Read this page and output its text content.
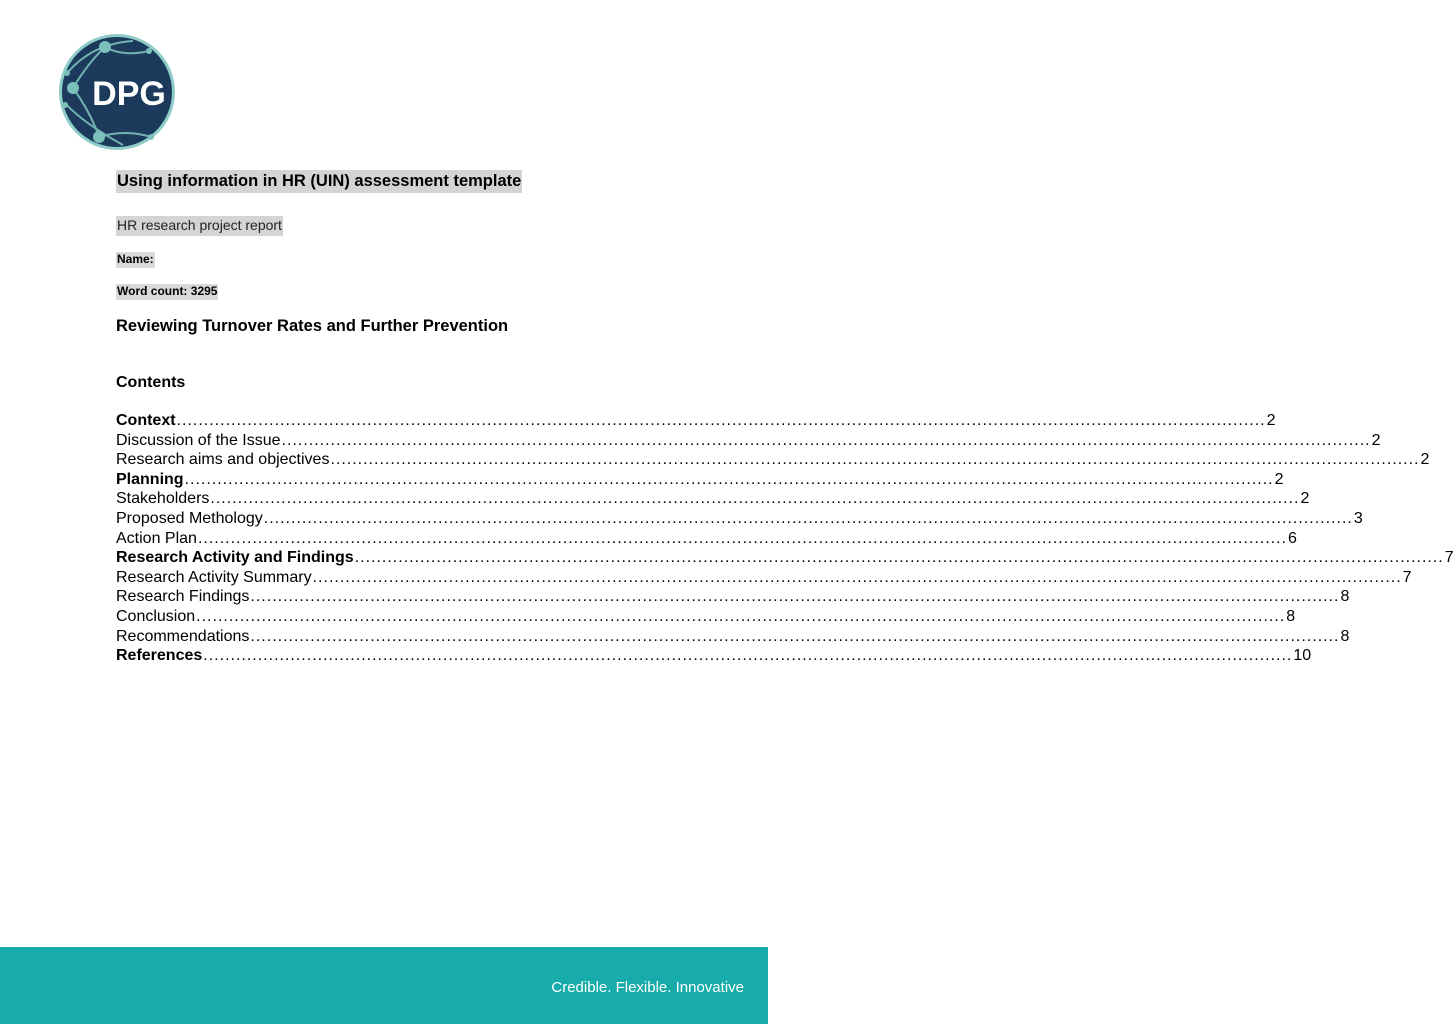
DPG
Using information in HR (UIN) assessment template
HR research project report
Name:
Word count: 3295
Reviewing Turnover Rates and Further Prevention
Contents
Context ........................................................................................................................................................................................................ 2
Discussion of the Issue ........................................................................................................................................................................................................ 2
Research aims and objectives ........................................................................................................................................................................................................ 2
Planning ........................................................................................................................................................................................................ 2
Stakeholders ........................................................................................................................................................................................................ 2
Proposed Methology ........................................................................................................................................................................................................ 3
Action Plan ........................................................................................................................................................................................................ 6
Research Activity and Findings ........................................................................................................................................................................................................ 7
Research Activity Summary ........................................................................................................................................................................................................ 7
Research Findings ........................................................................................................................................................................................................ 8
Conclusion ........................................................................................................................................................................................................ 8
Recommendations ........................................................................................................................................................................................................ 8
References ........................................................................................................................................................................................................ 10
Credible. Flexible. Innovative
